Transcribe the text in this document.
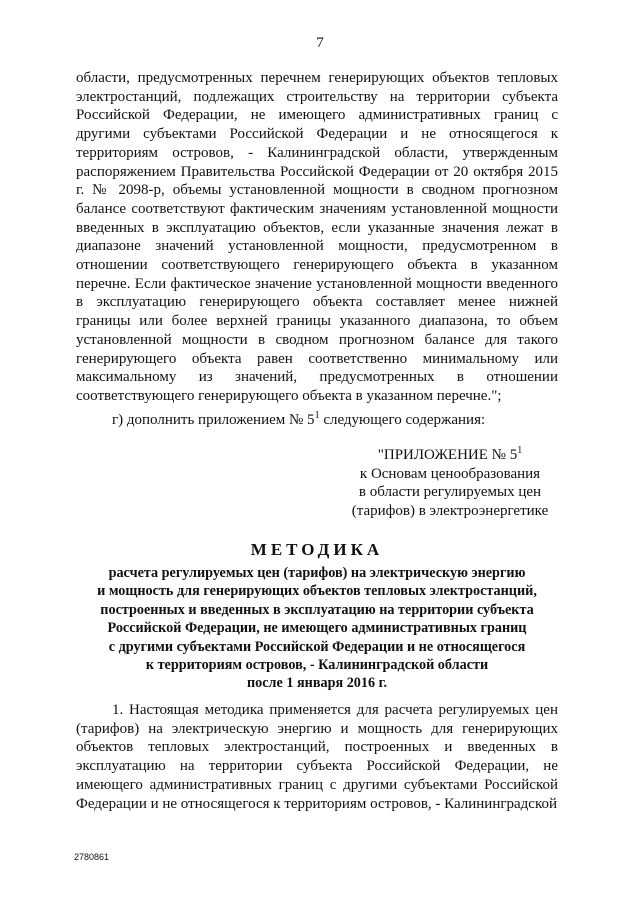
7

области, предусмотренных перечнем генерирующих объектов тепловых электростанций, подлежащих строительству на территории субъекта Российской Федерации, не имеющего административных границ с другими субъектами Российской Федерации и не относящегося к территориям островов, - Калининградской области, утвержденным распоряжением Правительства Российской Федерации от 20 октября 2015 г. № 2098-р, объемы установленной мощности в сводном прогнозном балансе соответствуют фактическим значениям установленной мощности введенных в эксплуатацию объектов, если указанные значения лежат в диапазоне значений установленной мощности, предусмотренном в отношении соответствующего генерирующего объекта в указанном перечне. Если фактическое значение установленной мощности введенного в эксплуатацию генерирующего объекта составляет менее нижней границы или более верхней границы указанного диапазона, то объем установленной мощности в сводном прогнозном балансе для такого генерирующего объекта равен соответственно минимальному или максимальному из значений, предусмотренных в отношении соответствующего генерирующего объекта в указанном перечне.";

г) дополнить приложением № $5^1$ следующего содержания:
"ПРИЛОЖЕНИЕ № $5^1$
к Основам ценообразования
в области регулируемых цен
(тарифов) в электроэнергетике
МЕТОДИКА
расчета регулируемых цен (тарифов) на электрическую энергию
и мощность для генерирующих объектов тепловых электростанций,
построенных и введенных в эксплуатацию на территории субъекта
Российской Федерации, не имеющего административных границ
с другими субъектами Российской Федерации и не относящегося
к территориям островов, - Калининградской области
после 1 января 2016 г.

1. Настоящая методика применяется для расчета регулируемых цен (тарифов) на электрическую энергию и мощность для генерирующих объектов тепловых электростанций, построенных и введенных в эксплуатацию на территории субъекта Российской Федерации, не имеющего административных границ с другими субъектами Российской Федерации и не относящегося к территориям островов, - Калининградской

2780861
